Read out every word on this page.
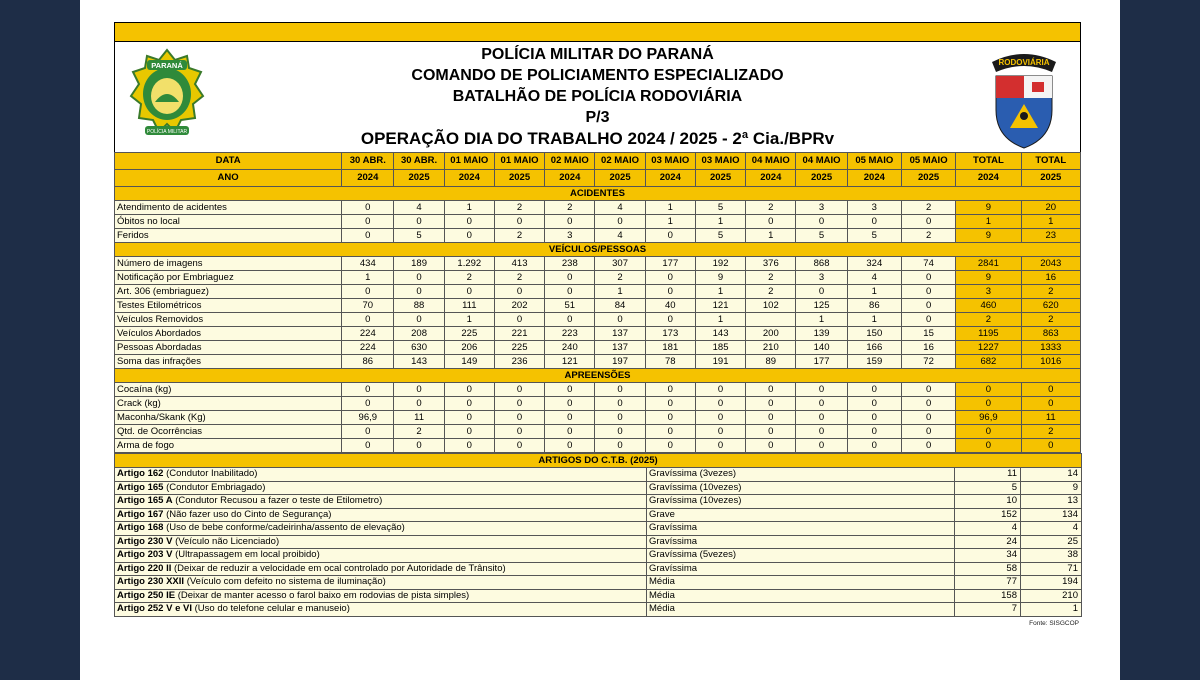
PARANÁ
POLÍCIA MILITAR
POLÍCIA MILITAR DO PARANÁ
COMANDO DE POLICIAMENTO ESPECIALIZADO
BATALHÃO DE POLÍCIA RODOVIÁRIA
P/3
OPERAÇÃO DIA DO TRABALHO 2024 / 2025 - 2ª Cia./BPRv
RODOVIÁRIA
DATA	30 ABR.	30 ABR.	01 MAIO	01 MAIO	02 MAIO	02 MAIO	03 MAIO	03 MAIO	04 MAIO	04 MAIO	05 MAIO	05 MAIO	TOTAL	TOTAL
ANO	2024	2025	2024	2025	2024	2025	2024	2025	2024	2025	2024	2025	2024	2025
ACIDENTES														
Atendimento de acidentes	0	4	1	2	2	4	1	5	2	3	3	2	9	20
Óbitos no local	0	0	0	0	0	0	1	1	0	0	0	0	1	1
Feridos	0	5	0	2	3	4	0	5	1	5	5	2	9	23
VEÍCULOS/PESSOAS														
Número de imagens	434	189	1.292	413	238	307	177	192	376	868	324	74	2841	2043
Notificação por Embriaguez	1	0	2	2	0	2	0	9	2	3	4	0	9	16
Art. 306 (embriaguez)	0	0	0	0	0	1	0	1	2	0	1	0	3	2
Testes Etilométricos	70	88	111	202	51	84	40	121	102	125	86	0	460	620
Veículos Removidos	0	0	1	0	0	0	0	1		1	1	0	2	2
Veículos Abordados	224	208	225	221	223	137	173	143	200	139	150	15	1195	863
Pessoas Abordadas	224	630	206	225	240	137	181	185	210	140	166	16	1227	1333
Soma das infrações	86	143	149	236	121	197	78	191	89	177	159	72	682	1016
APREENSÕES														
Cocaína (kg)	0	0	0	0	0	0	0	0	0	0	0	0	0	0
Crack (kg)	0	0	0	0	0	0	0	0	0	0	0	0	0	0
Maconha/Skank (Kg)	96,9	11	0	0	0	0	0	0	0	0	0	0	96,9	11
Qtd. de Ocorrências	0	2	0	0	0	0	0	0	0	0	0	0	0	2
Arma de fogo	0	0	0	0	0	0	0	0	0	0	0	0	0	0
ARTIGOS DO C.T.B. (2025)			
Artigo 162 (Condutor Inabilitado)	Gravíssima (3vezes)	11	14
Artigo 165 (Condutor Embriagado)	Gravíssima (10vezes)	5	9
Artigo 165 A (Condutor Recusou a fazer o teste de Etilometro)	Gravíssima (10vezes)	10	13
Artigo 167 (Não fazer uso do Cinto de Segurança)	Grave	152	134
Artigo 168 (Uso de bebe conforme/cadeirinha/assento de elevação)	Gravíssima	4	4
Artigo 230 V (Veículo não Licenciado)	Gravíssima	24	25
Artigo 203 V (Ultrapassagem em local proibido)	Gravíssima (5vezes)	34	38
Artigo 220 II (Deixar de reduzir a velocidade em ocal controlado por Autoridade de Trânsito)	Gravíssima	58	71
Artigo 230 XXII (Veículo com defeito no sistema de iluminação)	Média	77	194
Artigo 250 IE (Deixar de manter acesso o farol baixo em rodovias de pista simples)	Média	158	210
Artigo 252 V e VI (Uso do telefone celular e manuseio)	Média	7	1
Fonte: SISGCOP
